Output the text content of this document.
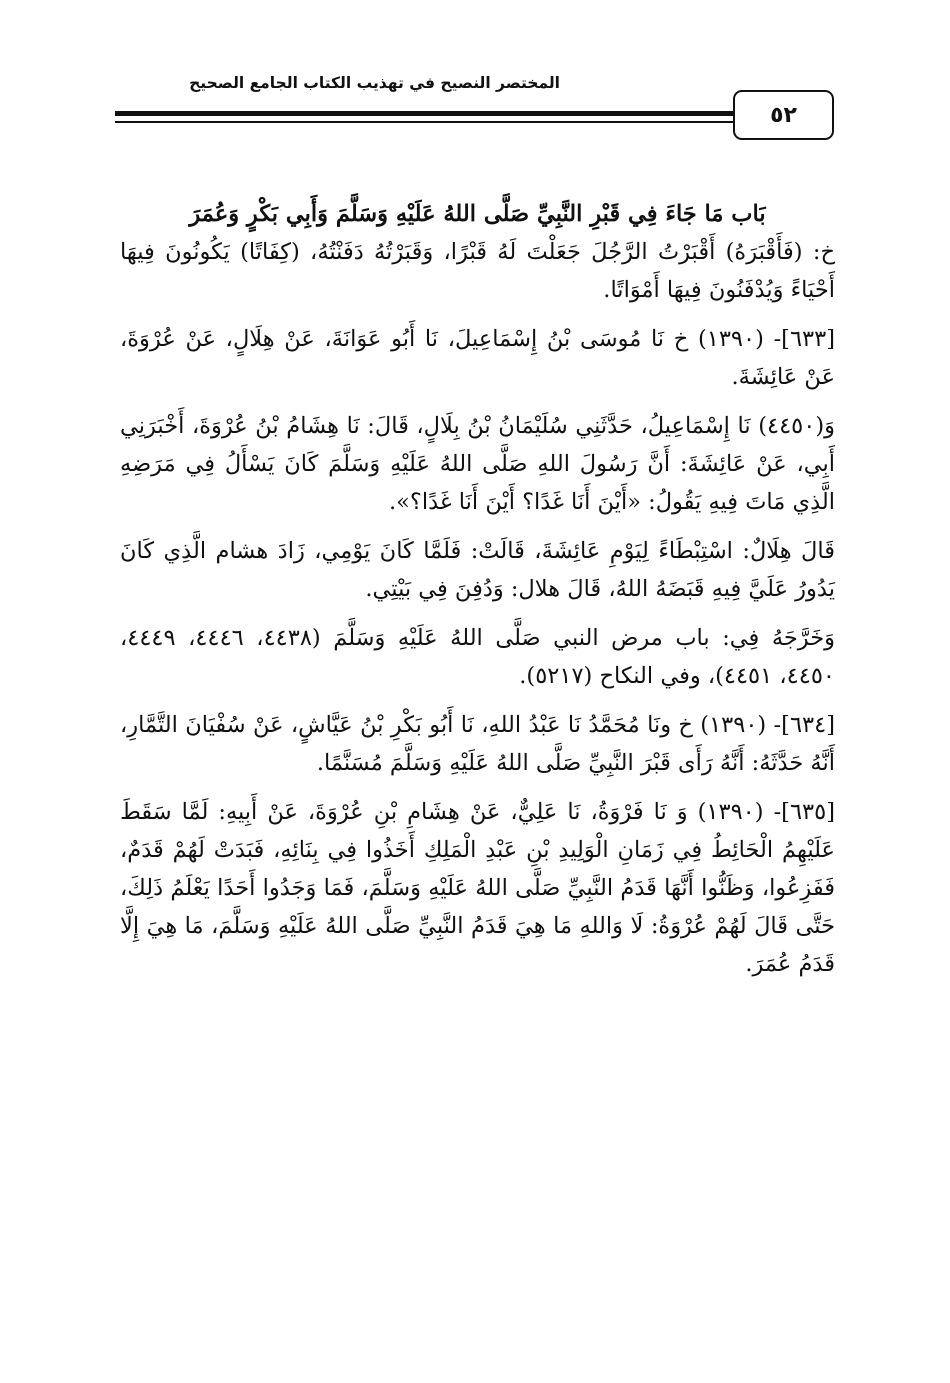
المختصر النصيح في تهذيب الكتاب الجامع الصحيح
٥٢

بَاب مَا جَاءَ فِي قَبْرِ النَّبِيِّ صَلَّى اللهُ عَلَيْهِ وَسَلَّمَ وَأَبِي بَكْرٍ وَعُمَرَ

خ: (فَأَقْبَرَهُ) أَقْبَرْتُ الرَّجُلَ جَعَلْتَ لَهُ قَبْرًا، وَقَبَرْتُهُ دَفَنْتُهُ، (كِفَاتًا) يَكُونُونَ فِيهَا أَحْيَاءً وَيُدْفَنُونَ فِيهَا أَمْوَاتًا.

[٦٣٣]- (١٣٩٠) خ نَا مُوسَى بْنُ إِسْمَاعِيلَ، نَا أَبُو عَوَانَةَ، عَنْ هِلَالٍ، عَنْ عُرْوَةَ، عَنْ عَائِشَةَ.

وَ(٤٤٥٠) نَا إِسْمَاعِيلُ، حَدَّثَنِي سُلَيْمَانُ بْنُ بِلَالٍ، قَالَ: نَا هِشَامُ بْنُ عُرْوَةَ، أَخْبَرَنِي أَبِي، عَنْ عَائِشَةَ: أَنَّ رَسُولَ اللهِ صَلَّى اللهُ عَلَيْهِ وَسَلَّمَ كَانَ يَسْأَلُ فِي مَرَضِهِ الَّذِي مَاتَ فِيهِ يَقُولُ: «أَيْنَ أَنَا غَدًا؟ أَيْنَ أَنَا غَدًا؟».

قَالَ هِلَالٌ: اسْتِبْطَاءً لِيَوْمِ عَائِشَةَ، قَالَتْ: فَلَمَّا كَانَ يَوْمِي، زَادَ هشام الَّذِي كَانَ يَدُورُ عَلَيَّ فِيهِ قَبَضَهُ اللهُ، قَالَ هلال: وَدُفِنَ فِي بَيْتِي.

وَخَرَّجَهُ فِي: باب مرض النبي صَلَّى اللهُ عَلَيْهِ وَسَلَّمَ (٤٤٣٨، ٤٤٤٦، ٤٤٤٩، ٤٤٥٠، ٤٤٥١)، وفي النكاح (٥٢١٧).

[٦٣٤]- (١٣٩٠) خ ونَا مُحَمَّدُ نَا عَبْدُ اللهِ، نَا أَبُو بَكْرِ بْنُ عَيَّاشٍ، عَنْ سُفْيَانَ التَّمَّارِ، أَنَّهُ حَدَّثَهُ: أَنَّهُ رَأَى قَبْرَ النَّبِيِّ صَلَّى اللهُ عَلَيْهِ وَسَلَّمَ مُسَنَّمًا.

[٦٣٥]- (١٣٩٠) وَ نَا فَرْوَةُ، نَا عَلِيٌّ، عَنْ هِشَامِ بْنِ عُرْوَةَ، عَنْ أَبِيهِ: لَمَّا سَقَطَ عَلَيْهِمُ الْحَائِطُ فِي زَمَانِ الْوَلِيدِ بْنِ عَبْدِ الْمَلِكِ أَخَذُوا فِي بِنَائِهِ، فَبَدَتْ لَهُمْ قَدَمٌ، فَفَزِعُوا، وَظَنُّوا أَنَّهَا قَدَمُ النَّبِيِّ صَلَّى اللهُ عَلَيْهِ وَسَلَّمَ، فَمَا وَجَدُوا أَحَدًا يَعْلَمُ ذَلِكَ، حَتَّى قَالَ لَهُمْ عُرْوَةُ: لَا وَاللهِ مَا هِيَ قَدَمُ النَّبِيِّ صَلَّى اللهُ عَلَيْهِ وَسَلَّمَ، مَا هِيَ إِلَّا قَدَمُ عُمَرَ.
